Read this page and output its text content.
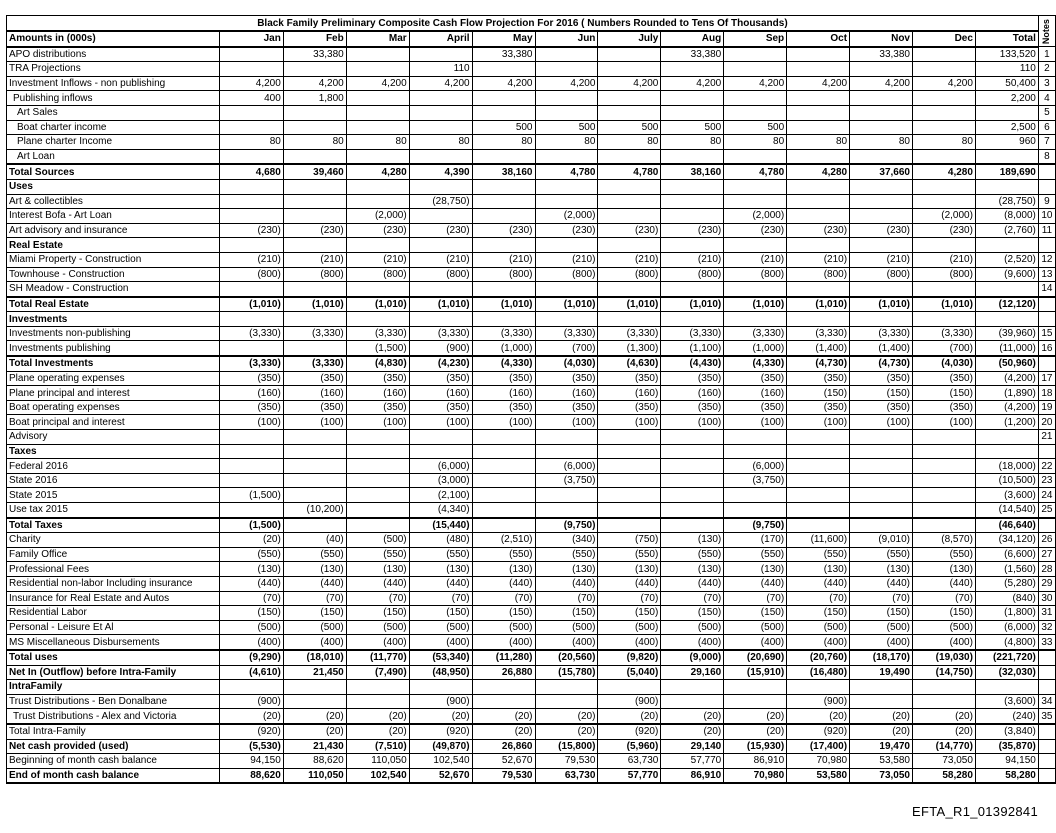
Black Family Preliminary Composite Cash Flow Projection For 2016 ( Numbers Rounded to Tens Of Thousands)														Notes
Amounts in (000s)	Jan	Feb	Mar	April	May	Jun	July	Aug	Sep	Oct	Nov	Dec	Total	
APO distributions		33,380			33,380			33,380			33,380		133,520	1
TRA Projections				110									110	2
Investment Inflows - non publishing	4,200	4,200	4,200	4,200	4,200	4,200	4,200	4,200	4,200	4,200	4,200	4,200	50,400	3
Publishing inflows	400	1,800											2,200	4
Art Sales														5
Boat charter income					500	500	500	500	500				2,500	6
Plane charter Income	80	80	80	80	80	80	80	80	80	80	80	80	960	7
Art Loan														8
Total Sources	4,680	39,460	4,280	4,390	38,160	4,780	4,780	38,160	4,780	4,280	37,660	4,280	189,690	
Uses														
Art & collectibles				(28,750)									(28,750)	9
Interest Bofa - Art Loan			(2,000)			(2,000)			(2,000)			(2,000)	(8,000)	10
Art advisory and insurance	(230)	(230)	(230)	(230)	(230)	(230)	(230)	(230)	(230)	(230)	(230)	(230)	(2,760)	11
Real Estate														
Miami Property - Construction	(210)	(210)	(210)	(210)	(210)	(210)	(210)	(210)	(210)	(210)	(210)	(210)	(2,520)	12
Townhouse - Construction	(800)	(800)	(800)	(800)	(800)	(800)	(800)	(800)	(800)	(800)	(800)	(800)	(9,600)	13
SH Meadow - Construction														14
Total Real Estate	(1,010)	(1,010)	(1,010)	(1,010)	(1,010)	(1,010)	(1,010)	(1,010)	(1,010)	(1,010)	(1,010)	(1,010)	(12,120)	
Investments														
Investments non-publishing	(3,330)	(3,330)	(3,330)	(3,330)	(3,330)	(3,330)	(3,330)	(3,330)	(3,330)	(3,330)	(3,330)	(3,330)	(39,960)	15
Investments publishing			(1,500)	(900)	(1,000)	(700)	(1,300)	(1,100)	(1,000)	(1,400)	(1,400)	(700)	(11,000)	16
Total Investments	(3,330)	(3,330)	(4,830)	(4,230)	(4,330)	(4,030)	(4,630)	(4,430)	(4,330)	(4,730)	(4,730)	(4,030)	(50,960)	
Plane operating expenses	(350)	(350)	(350)	(350)	(350)	(350)	(350)	(350)	(350)	(350)	(350)	(350)	(4,200)	17
Plane principal and interest	(160)	(160)	(160)	(160)	(160)	(160)	(160)	(160)	(160)	(150)	(150)	(150)	(1,890)	18
Boat operating expenses	(350)	(350)	(350)	(350)	(350)	(350)	(350)	(350)	(350)	(350)	(350)	(350)	(4,200)	19
Boat principal and interest	(100)	(100)	(100)	(100)	(100)	(100)	(100)	(100)	(100)	(100)	(100)	(100)	(1,200)	20
Advisory														21
Taxes														
Federal 2016				(6,000)		(6,000)			(6,000)				(18,000)	22
State 2016				(3,000)		(3,750)			(3,750)				(10,500)	23
State 2015	(1,500)			(2,100)									(3,600)	24
Use tax 2015		(10,200)		(4,340)									(14,540)	25
Total Taxes	(1,500)			(15,440)		(9,750)			(9,750)				(46,640)	
Charity	(20)	(40)	(500)	(480)	(2,510)	(340)	(750)	(130)	(170)	(11,600)	(9,010)	(8,570)	(34,120)	26
Family Office	(550)	(550)	(550)	(550)	(550)	(550)	(550)	(550)	(550)	(550)	(550)	(550)	(6,600)	27
Professional Fees	(130)	(130)	(130)	(130)	(130)	(130)	(130)	(130)	(130)	(130)	(130)	(130)	(1,560)	28
Residential non-labor Including insurance	(440)	(440)	(440)	(440)	(440)	(440)	(440)	(440)	(440)	(440)	(440)	(440)	(5,280)	29
Insurance for Real Estate and Autos	(70)	(70)	(70)	(70)	(70)	(70)	(70)	(70)	(70)	(70)	(70)	(70)	(840)	30
Residential Labor	(150)	(150)	(150)	(150)	(150)	(150)	(150)	(150)	(150)	(150)	(150)	(150)	(1,800)	31
Personal - Leisure Et Al	(500)	(500)	(500)	(500)	(500)	(500)	(500)	(500)	(500)	(500)	(500)	(500)	(6,000)	32
MS Miscellaneous Disbursements	(400)	(400)	(400)	(400)	(400)	(400)	(400)	(400)	(400)	(400)	(400)	(400)	(4,800)	33
Total uses	(9,290)	(18,010)	(11,770)	(53,340)	(11,280)	(20,560)	(9,820)	(9,000)	(20,690)	(20,760)	(18,170)	(19,030)	(221,720)	
Net In (Outflow) before Intra-Family	(4,610)	21,450	(7,490)	(48,950)	26,880	(15,780)	(5,040)	29,160	(15,910)	(16,480)	19,490	(14,750)	(32,030)	
IntraFamily														
Trust Distributions - Ben Donalbane	(900)			(900)			(900)			(900)			(3,600)	34
Trust Distributions - Alex and Victoria	(20)	(20)	(20)	(20)	(20)	(20)	(20)	(20)	(20)	(20)	(20)	(20)	(240)	35
Total Intra-Family	(920)	(20)	(20)	(920)	(20)	(20)	(920)	(20)	(20)	(920)	(20)	(20)	(3,840)	
Net cash provided (used)	(5,530)	21,430	(7,510)	(49,870)	26,860	(15,800)	(5,960)	29,140	(15,930)	(17,400)	19,470	(14,770)	(35,870)	
Beginning of month cash balance	94,150	88,620	110,050	102,540	52,670	79,530	63,730	57,770	86,910	70,980	53,580	73,050	94,150	
End of month cash balance	88,620	110,050	102,540	52,670	79,530	63,730	57,770	86,910	70,980	53,580	73,050	58,280	58,280	
EFTA_R1_01392841
